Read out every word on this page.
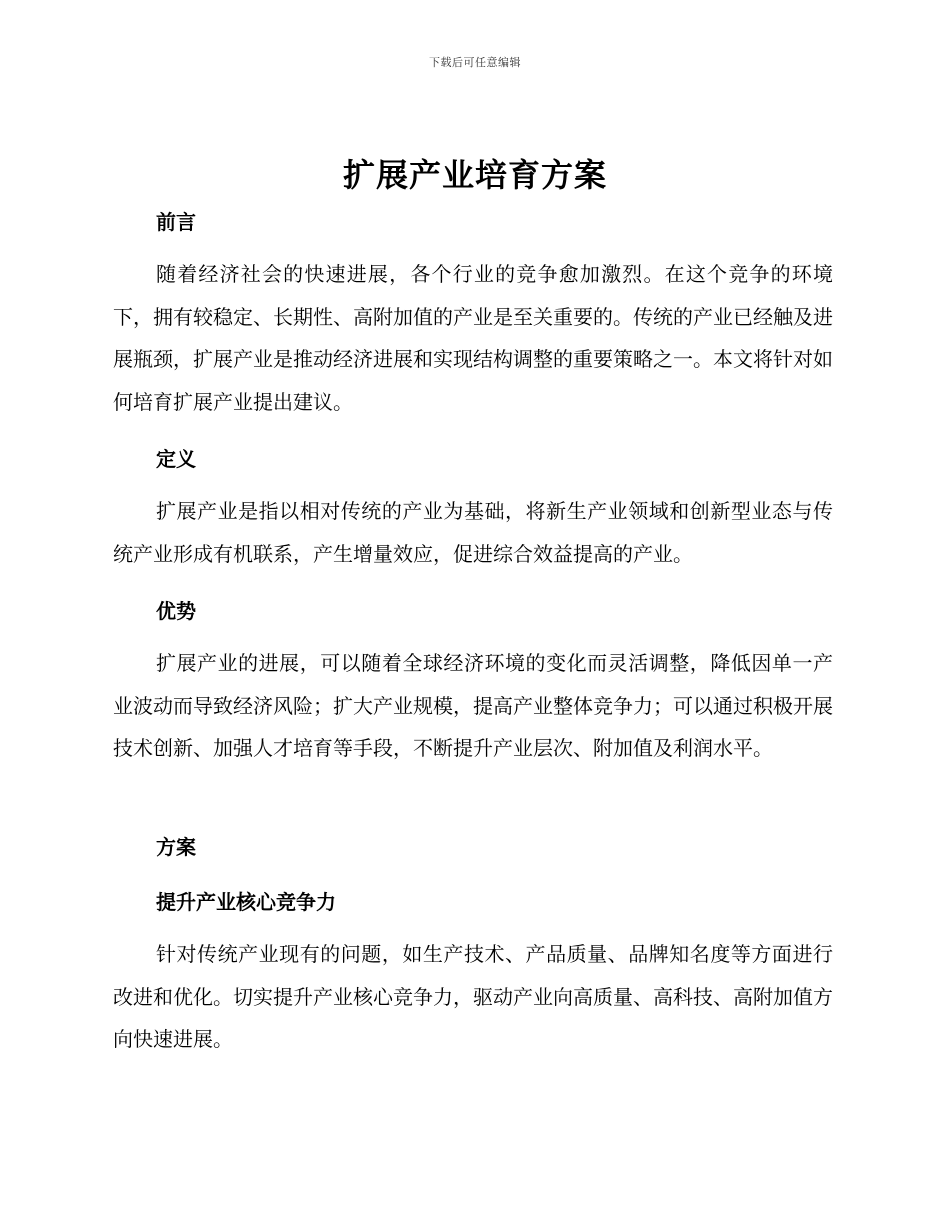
下载后可任意编辑
扩展产业培育方案
前言
随着经济社会的快速进展，各个行业的竞争愈加激烈。在这个竞争的环境下，拥有较稳定、长期性、高附加值的产业是至关重要的。传统的产业已经触及进展瓶颈，扩展产业是推动经济进展和实现结构调整的重要策略之一。本文将针对如何培育扩展产业提出建议。
定义
扩展产业是指以相对传统的产业为基础，将新生产业领域和创新型业态与传统产业形成有机联系，产生增量效应，促进综合效益提高的产业。
优势
扩展产业的进展，可以随着全球经济环境的变化而灵活调整，降低因单一产业波动而导致经济风险；扩大产业规模，提高产业整体竞争力；可以通过积极开展技术创新、加强人才培育等手段，不断提升产业层次、附加值及利润水平。
方案
提升产业核心竞争力
针对传统产业现有的问题，如生产技术、产品质量、品牌知名度等方面进行改进和优化。切实提升产业核心竞争力，驱动产业向高质量、高科技、高附加值方向快速进展。
